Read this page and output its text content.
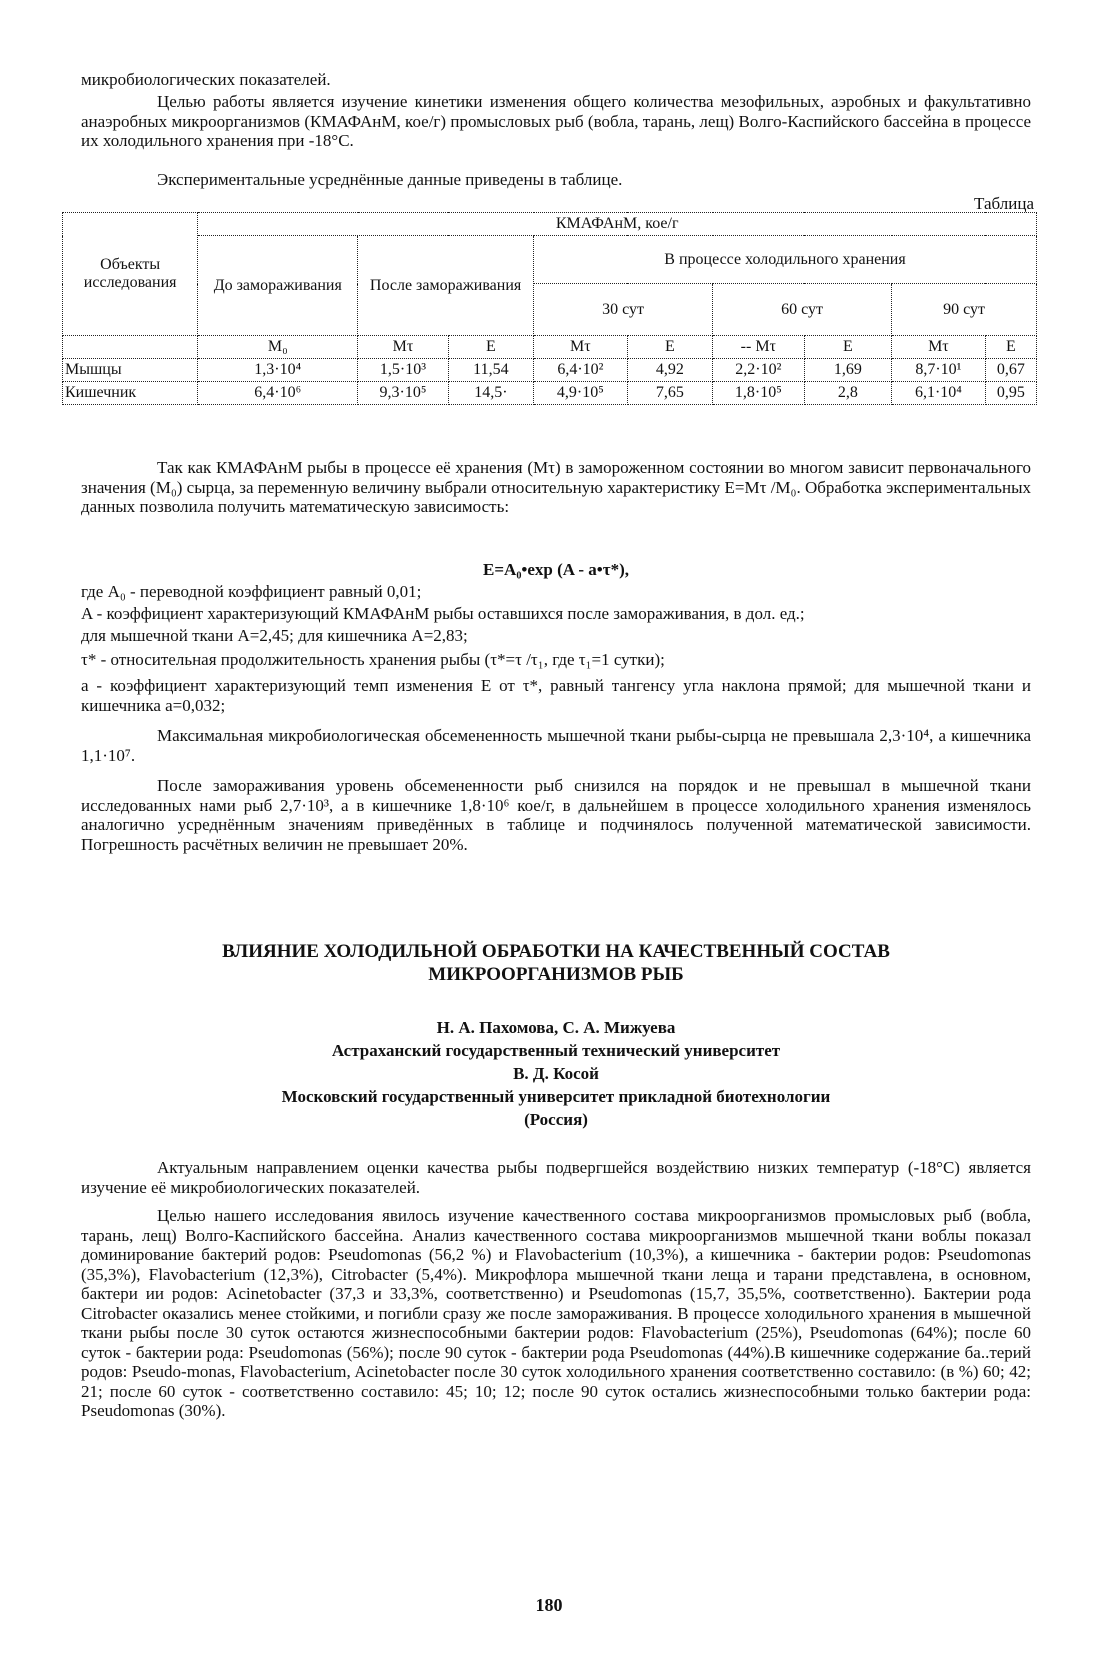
микробиологических показателей.
Целью работы является изучение кинетики изменения общего количества мезофильных, аэробных и факультативно анаэробных микроорганизмов (КМАФАнМ, кое/г) промысловых рыб (вобла, тарань, лещ) Волго-Каспийского бассейна в процессе их холодильного хранения при -18°С.
Экспериментальные усреднённые данные приведены в таблице.
Таблица
Объекты исследования	КМАФАнМ, кое/г								
	До замораживания	После замораживания		В процессе холодильного хранения					
				30 сут		60 сут		90 сут	
	M₀	Mτ	E	Mτ	E	-- Mτ	E	Mτ	E
Мышцы	1,3·10⁴	1,5·10³	11,54	6,4·10²	4,92	2,2·10²	1,69	8,7·10¹	0,67
Кишечник	6,4·10⁶	9,3·10⁵	14,5·	4,9·10⁵	7,65	1,8·10⁵	2,8	6,1·10⁴	0,95
Так как КМАФАнМ рыбы в процессе её хранения (Mτ) в замороженном состоянии во многом зависит первоначального значения (M₀) сырца, за переменную величину выбрали относительную характеристику E=Mτ /M₀. Обработка экспериментальных данных позволила получить математическую зависимость:
E=A₀•exp (A - a•τ*),
где A₀ - переводной коэффициент равный 0,01;
A - коэффициент характеризующий КМАФАнМ рыбы оставшихся после замораживания, в дол. ед.;
для мышечной ткани A=2,45; для кишечника A=2,83;
τ* - относительная продолжительность хранения рыбы (τ*=τ /τ₁, где τ₁=1 сутки);
a - коэффициент характеризующий темп изменения E от τ*, равный тангенсу угла наклона прямой; для мышечной ткани и кишечника a=0,032;
Максимальная микробиологическая обсемененность мышечной ткани рыбы-сырца не превышала 2,3·10⁴, а кишечника 1,1·10⁷.
После замораживания уровень обсемененности рыб снизился на порядок и не превышал в мышечной ткани исследованных нами рыб 2,7·10³, а в кишечнике 1,8·10⁶ кое/г, в дальнейшем в процессе холодильного хранения изменялось аналогично усреднённым значениям приведённых в таблице и подчинялось полученной математической зависимости. Погрешность расчётных величин не превышает 20%.
ВЛИЯНИЕ ХОЛОДИЛЬНОЙ ОБРАБОТКИ НА КАЧЕСТВЕННЫЙ СОСТАВ
МИКРООРГАНИЗМОВ РЫБ
Н. А. Пахомова, С. А. Мижуева
Астраханский государственный технический университет
В. Д. Косой
Московский государственный университет прикладной биотехнологии
(Россия)
Актуальным направлением оценки качества рыбы подвергшейся воздействию низких температур (-18°С) является изучение её микробиологических показателей.
Целью нашего исследования явилось изучение качественного состава микроорганизмов промысловых рыб (вобла, тарань, лещ) Волго-Каспийского бассейна. Анализ качественного состава микроорганизмов мышечной ткани воблы показал доминирование бактерий родов: Pseudomonas (56,2 %) и Flavobacterium (10,3%), а кишечника - бактерии родов: Pseudomonas (35,3%), Flavobacterium (12,3%), Citrobacter (5,4%). Микрофлора мышечной ткани леща и тарани представлена, в основном, бактери ии родов: Acinetobacter (37,3 и 33,3%, соответственно) и Pseudomonas (15,7, 35,5%, соответственно). Бактерии рода Citrobacter оказались менее стойкими, и погибли сразу же после замораживания. В процессе холодильного хранения в мышечной ткани рыбы после 30 суток остаются жизнеспособными бактерии родов: Flavobacterium (25%), Pseudomonas (64%); после 60 суток - бактерии рода: Pseudomonas (56%); после 90 суток - бактерии рода Pseudomonas (44%).В кишечнике содержание ба..терий родов: Pseudo-monas, Flavobacterium, Acinetobacter после 30 суток холодильного хранения соответственно составило: (в %) 60; 42; 21; после 60 суток - соответственно составило: 45; 10; 12; после 90 суток остались жизнеспособными только бактерии рода: Pseudomonas (30%).
180
